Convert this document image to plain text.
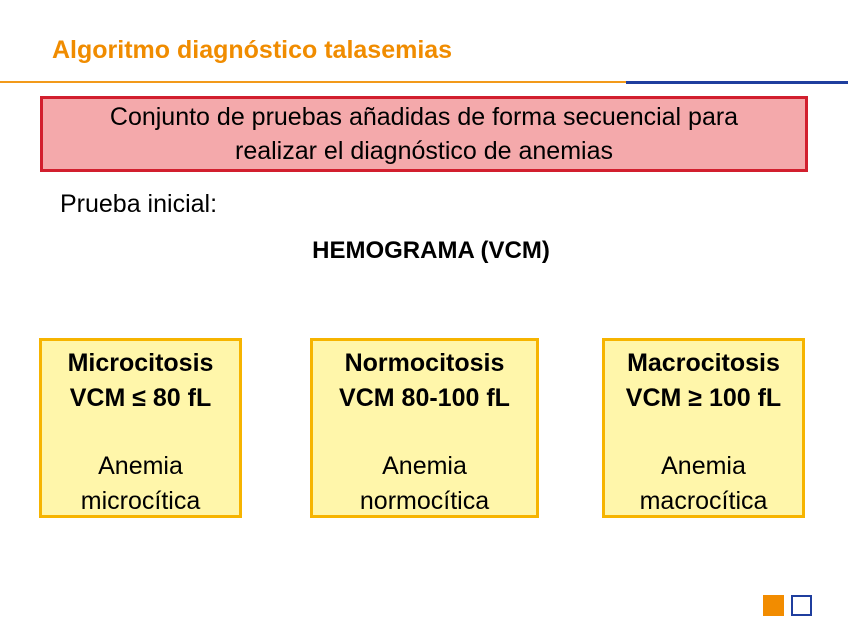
Algoritmo diagnóstico talasemias
Conjunto de pruebas añadidas de forma secuencial para
realizar el diagnóstico de anemias
Prueba inicial:
HEMOGRAMA (VCM)
Microcitosis
VCM ≤ 80 fL
Anemia
microcítica
Normocitosis
VCM 80-100 fL
Anemia
normocítica
Macrocitosis
VCM ≥ 100 fL
Anemia
macrocítica
